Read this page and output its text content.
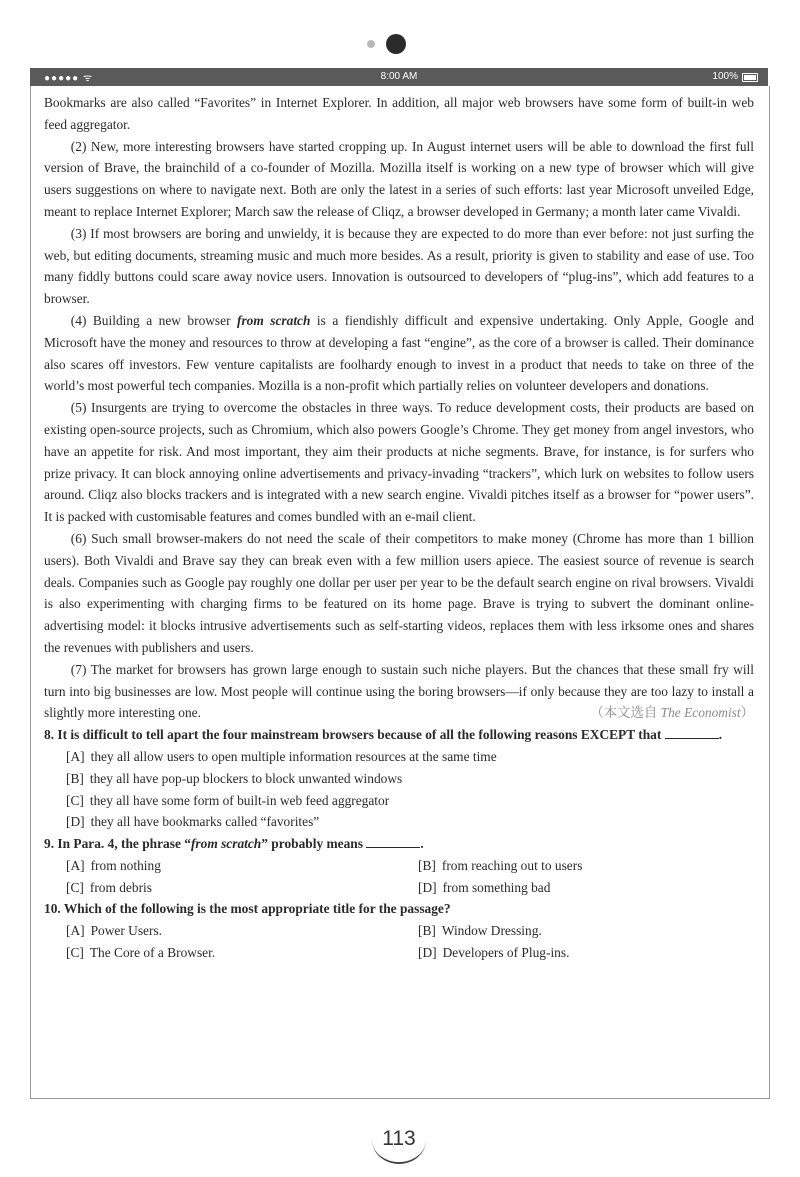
●●●●● ᯤ	8:00 AM	100%

Bookmarks are also called “Favorites” in Internet Explorer. In addition, all major web browsers have some form of built-in web feed aggregator.

(2) New, more interesting browsers have started cropping up. In August internet users will be able to download the first full version of Brave, the brainchild of a co-founder of Mozilla. Mozilla itself is working on a new type of browser which will give users suggestions on where to navigate next. Both are only the latest in a series of such efforts: last year Microsoft unveiled Edge, meant to replace Internet Explorer; March saw the release of Cliqz, a browser developed in Germany; a month later came Vivaldi.

(3) If most browsers are boring and unwieldy, it is because they are expected to do more than ever before: not just surfing the web, but editing documents, streaming music and much more besides. As a result, priority is given to stability and ease of use. Too many fiddly buttons could scare away novice users. Innovation is outsourced to developers of “plug-ins”, which add features to a browser.

(4) Building a new browser from scratch is a fiendishly difficult and expensive undertaking. Only Apple, Google and Microsoft have the money and resources to throw at developing a fast “engine”, as the core of a browser is called. Their dominance also scares off investors. Few venture capitalists are foolhardy enough to invest in a product that needs to take on three of the world’s most powerful tech companies. Mozilla is a non-profit which partially relies on volunteer developers and donations.

(5) Insurgents are trying to overcome the obstacles in three ways. To reduce development costs, their products are based on existing open-source projects, such as Chromium, which also powers Google’s Chrome. They get money from angel investors, who have an appetite for risk. And most important, they aim their products at niche segments. Brave, for instance, is for surfers who prize privacy. It can block annoying online advertisements and privacy-invading “trackers”, which lurk on websites to follow users around. Cliqz also blocks trackers and is integrated with a new search engine. Vivaldi pitches itself as a browser for “power users”. It is packed with customisable features and comes bundled with an e-mail client.

(6) Such small browser-makers do not need the scale of their competitors to make money (Chrome has more than 1 billion users). Both Vivaldi and Brave say they can break even with a few million users apiece. The easiest source of revenue is search deals. Companies such as Google pay roughly one dollar per user per year to be the default search engine on rival browsers. Vivaldi is also experimenting with charging firms to be featured on its home page. Brave is trying to subvert the dominant online-advertising model: it blocks intrusive advertisements such as self-starting videos, replaces them with less irksome ones and shares the revenues with publishers and users.

(7) The market for browsers has grown large enough to sustain such niche players. But the chances that these small fry will turn into big businesses are low. Most people will continue using the boring browsers—if only because they are too lazy to install a slightly more interesting one.	（本文选自 The Economist）

8. It is difficult to tell apart the four mainstream browsers because of all the following reasons EXCEPT that	.

[A] they all allow users to open multiple information resources at the same time
[B] they all have pop-up blockers to block unwanted windows
[C] they all have some form of built-in web feed aggregator
[D] they all have bookmarks called “favorites”

9. In Para. 4, the phrase “from scratch” probably means	.

[A] from nothing	[B] from reaching out to users
[C] from debris	[D] from something bad

10. Which of the following is the most appropriate title for the passage?

[A] Power Users.	[B] Window Dressing.
[C] The Core of a Browser.	[D] Developers of Plug-ins.
113
